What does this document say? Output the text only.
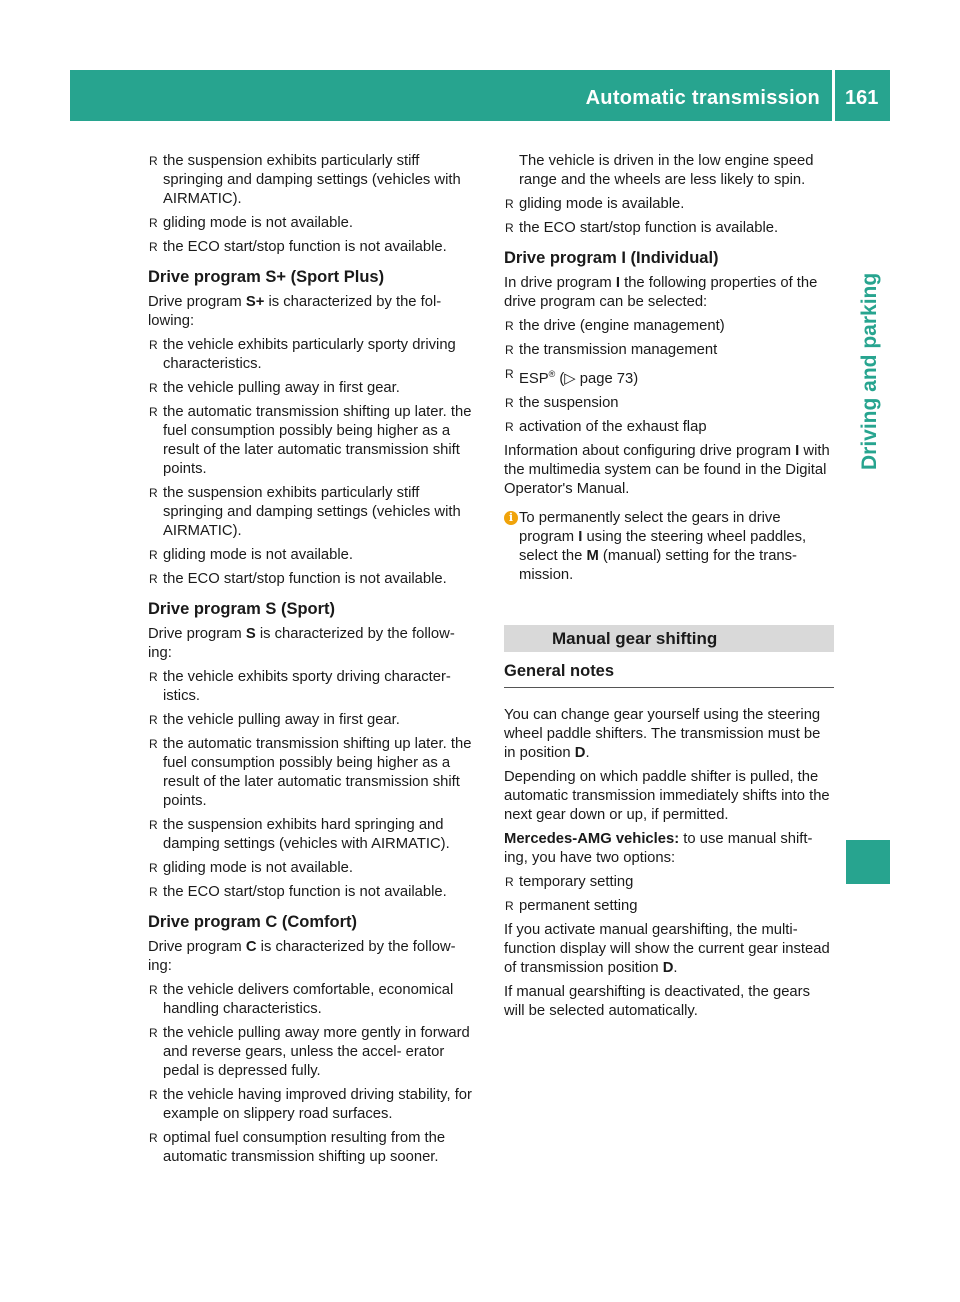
Automatic transmission 161
Driving and parking
R the suspension exhibits particularly stiff springing and damping settings (vehicles with AIRMATIC).
R gliding mode is not available.
R the ECO start/stop function is not available.
Drive program S+ (Sport Plus)

Drive program S+ is characterized by the fol- lowing:

R the vehicle exhibits particularly sporty driving characteristics.
R the vehicle pulling away in first gear.
R the automatic transmission shifting up later. the fuel consumption possibly being higher as a result of the later automatic transmission shift points.
R the suspension exhibits particularly stiff springing and damping settings (vehicles with AIRMATIC).
R gliding mode is not available.
R the ECO start/stop function is not available.
Drive program S (Sport)

Drive program S is characterized by the follow- ing:

R the vehicle exhibits sporty driving character- istics.
R the vehicle pulling away in first gear.
R the automatic transmission shifting up later. the fuel consumption possibly being higher as a result of the later automatic transmission shift points.
R the suspension exhibits hard springing and damping settings (vehicles with AIRMATIC).
R gliding mode is not available.
R the ECO start/stop function is not available.
Drive program C (Comfort)

Drive program C is characterized by the follow- ing:

R the vehicle delivers comfortable, economical handling characteristics.
R the vehicle pulling away more gently in forward and reverse gears, unless the accel- erator pedal is depressed fully.
R the vehicle having improved driving stability, for example on slippery road surfaces.
R optimal fuel consumption resulting from the automatic transmission shifting up sooner.

The vehicle is driven in the low engine speed range and the wheels are less likely to spin.

R gliding mode is available.
R the ECO start/stop function is available.
Drive program I (Individual)

In drive program I the following properties of the drive program can be selected:

R the drive (engine management)
R the transmission management
R ESP® (▷ page 73)
R the suspension
R activation of the exhaust flap

Information about configuring drive program I with the multimedia system can be found in the Digital Operator's Manual.

i To permanently select the gears in drive program I using the steering wheel paddles, select the M (manual) setting for the trans- mission.
Manual gear shifting
General notes

You can change gear yourself using the steering wheel paddle shifters. The transmission must be in position D.

Depending on which paddle shifter is pulled, the automatic transmission immediately shifts into the next gear down or up, if permitted.

Mercedes-AMG vehicles: to use manual shift- ing, you have two options:

R temporary setting
R permanent setting

If you activate manual gearshifting, the multi- function display will show the current gear instead of transmission position D.

If manual gearshifting is deactivated, the gears will be selected automatically.
